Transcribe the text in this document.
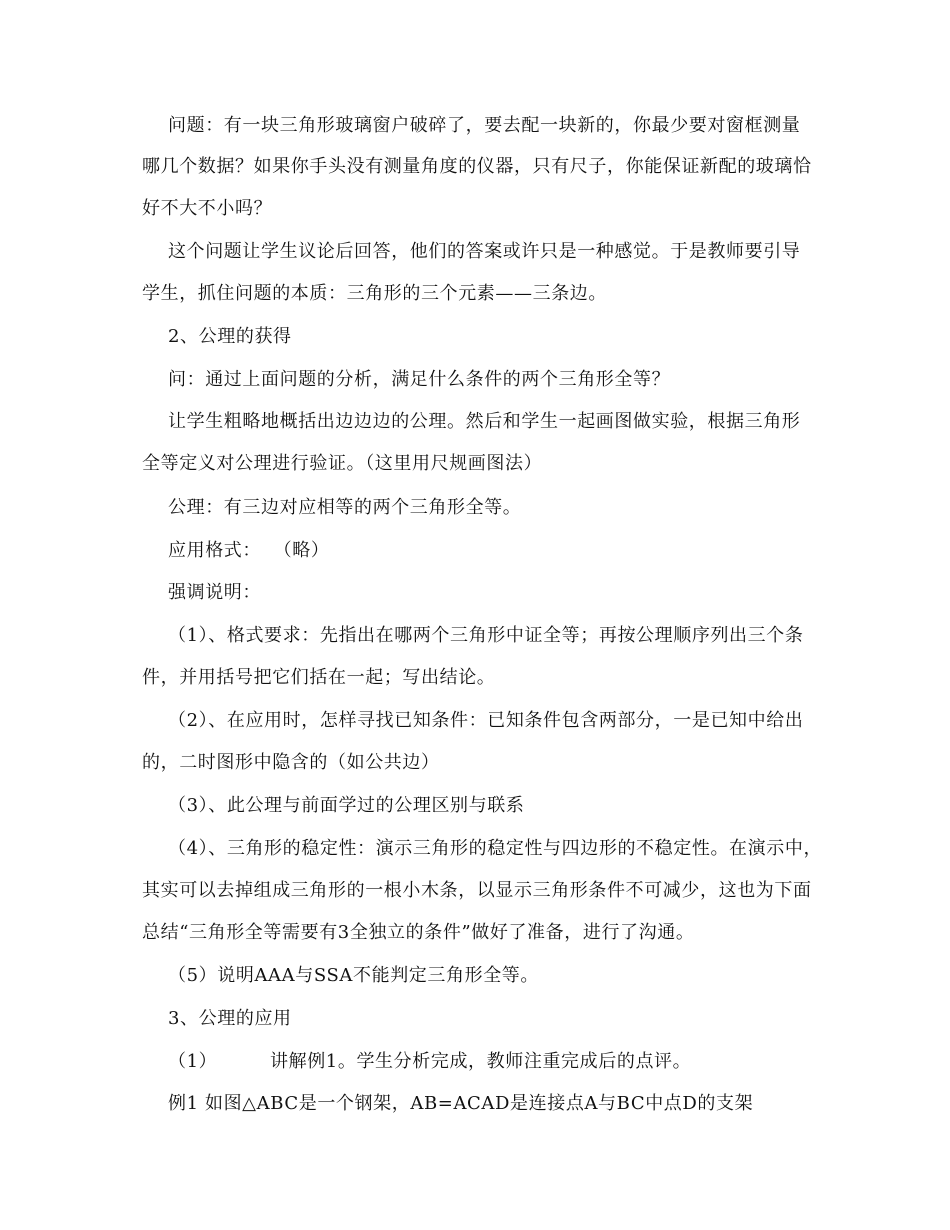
问题：有一块三角形玻璃窗户破碎了，要去配一块新的，你最少要对窗框测量
哪几个数据？如果你手头没有测量角度的仪器，只有尺子，你能保证新配的玻璃恰
好不大不小吗？
这个问题让学生议论后回答，他们的答案或许只是一种感觉。于是教师要引导
学生，抓住问题的本质：三角形的三个元素——三条边。
2、公理的获得
问：通过上面问题的分析，满足什么条件的两个三角形全等？
让学生粗略地概括出边边边的公理。然后和学生一起画图做实验，根据三角形
全等定义对公理进行验证。（这里用尺规画图法）
公理：有三边对应相等的两个三角形全等。
应用格式：  （略）
强调说明：
（1）、格式要求：先指出在哪两个三角形中证全等；再按公理顺序列出三个条
件，并用括号把它们括在一起；写出结论。
（2）、在应用时，怎样寻找已知条件：已知条件包含两部分，一是已知中给出
的，二时图形中隐含的（如公共边）
（3）、此公理与前面学过的公理区别与联系
（4）、三角形的稳定性：演示三角形的稳定性与四边形的不稳定性。在演示中，
其实可以去掉组成三角形的一根小木条，以显示三角形条件不可减少，这也为下面
总结“三角形全等需要有3全独立的条件”做好了准备，进行了沟通。
（5）说明AAA与SSA不能判定三角形全等。
3、公理的应用
（1）	讲解例1。学生分析完成，教师注重完成后的点评。
例1 如图△ABC是一个钢架，AB=ACAD是连接点A与BC中点D的支架
